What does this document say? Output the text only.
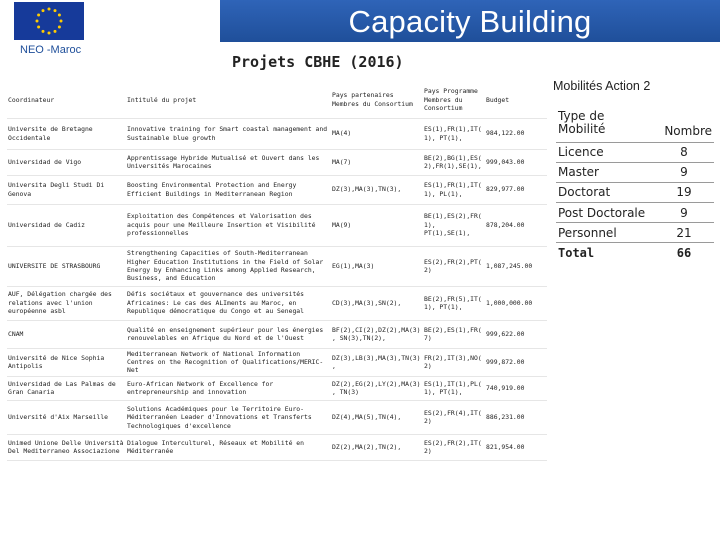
Capacity Building
NEO -Maroc
Projets CBHE (2016)
Coordinateur	Intitulé du projet	Pays partenaires Membres du Consortium	Pays Programme Membres du Consortium	Budget
Universite de Bretagne Occidentale	Innovative training for Smart coastal management and Sustainable blue growth	MA(4)	ES(1),FR(1),IT(1), PT(1),	984,122.00
Universidad de Vigo	Apprentissage Hybride Mutualisé et Ouvert dans les Universités Marocaines	MA(7)	BE(2),BG(1),ES(2),FR(1),SE(1),	999,043.00
Universita Degli Studi Di Genova	Boosting Environmental Protection and Energy Efficient Buildings in Mediterranean Region	DZ(3),MA(3),TN(3),	ES(1),FR(1),IT(1), PL(1),	829,977.00
Universidad de Cadiz	Exploitation des Compétences et Valorisation des acquis pour une Meilleure Insertion et Visibilité professionnelles	MA(9)	BE(1),ES(2),FR(1), PT(1),SE(1),	878,204.00
UNIVERSITE DE STRASBOURG	Strengthening Capacities of South-Mediterranean Higher Education Institutions in the Field of Solar Energy by Enhancing Links among Applied Research, Business, and Education	EG(1),MA(3)	ES(2),FR(2),PT(2)	1,087,245.00
AUF, Délégation chargée des relations avec l'union européenne asbl	Défis sociétaux et gouvernance des universités Africaines: Le cas des ALIments au Maroc, en Republique démocratique du Congo et au Senegal	CD(3),MA(3),SN(2),	BE(2),FR(5),IT(1), PT(1),	1,000,000.00
CNAM	Qualité en enseignement supérieur pour les énergies renouvelables en Afrique du Nord et de l'Ouest	BF(2),CI(2),DZ(2),MA(3), SN(3),TN(2),	BE(2),ES(1),FR(7)	999,622.00
Université de Nice Sophia Antipolis	Mediterranean Network of National Information Centres on the Recognition of Qualifications/MERIC-Net	DZ(3),LB(3),MA(3),TN(3),	FR(2),IT(3),NO(2)	999,872.00
Universidad de Las Palmas de Gran Canaria	Euro-African Network of Excellence for entrepreneurship and innovation	DZ(2),EG(2),LY(2),MA(3), TN(3)	ES(1),IT(1),PL(1), PT(1),	740,919.00
Université d'Aix Marseille	Solutions Académiques pour le Territoire Euro-Méditerranéen Leader d'Innovations et Transferts Technologiques d'excellence	DZ(4),MA(5),TN(4),	ES(2),FR(4),IT(2)	886,231.00
Unimed Unione Delle Università Del Mediterraneo Associazione	Dialogue Interculturel, Réseaux et Mobilité en Méditerranée	DZ(2),MA(2),TN(2),	ES(2),FR(2),IT(2)	821,954.00
Mobilités Action 2
Type de Mobilité	Nombre
Licence	8
Master	9
Doctorat	19
Post Doctorale	9
Personnel	21
Total	66
